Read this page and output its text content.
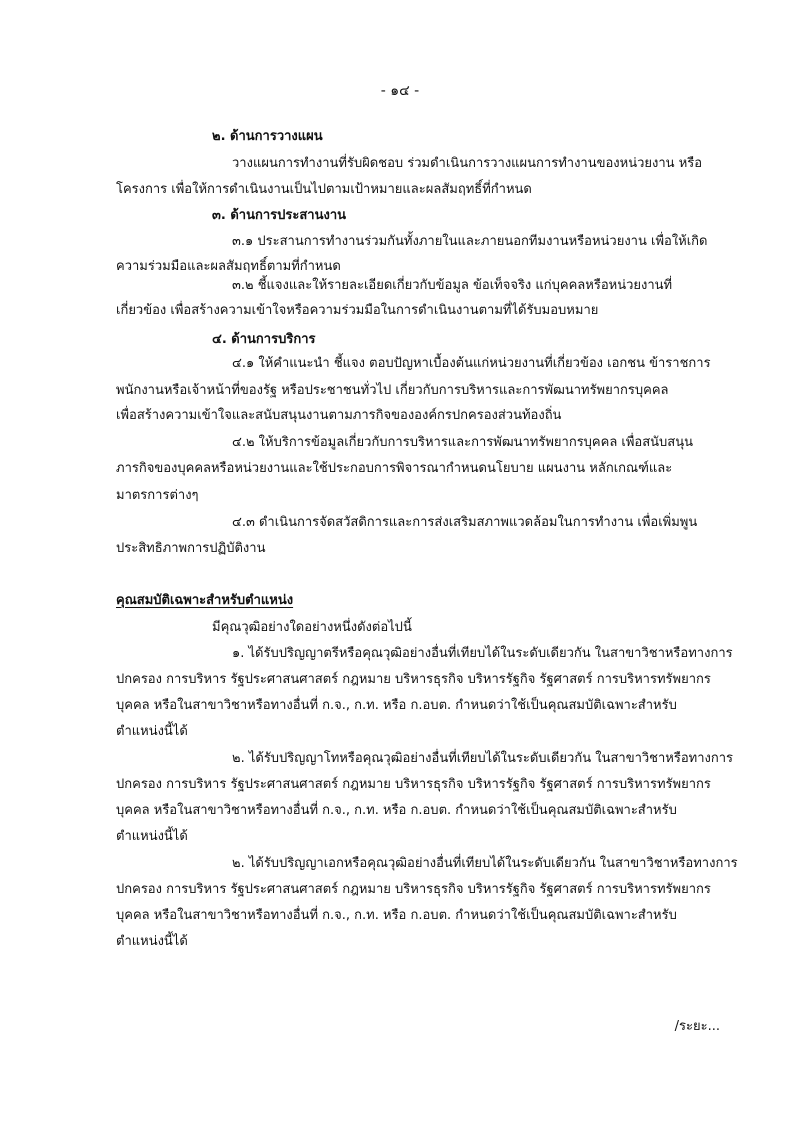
- ๑๔ -
๒. ด้านการวางแผน
วางแผนการทำงานที่รับผิดชอบ ร่วมดำเนินการวางแผนการทำงานของหน่วยงาน หรือ
โครงการ เพื่อให้การดำเนินงานเป็นไปตามเป้าหมายและผลสัมฤทธิ์ที่กำหนด
๓. ด้านการประสานงาน
๓.๑ ประสานการทำงานร่วมกันทั้งภายในและภายนอกทีมงานหรือหน่วยงาน เพื่อให้เกิด
ความร่วมมือและผลสัมฤทธิ์ตามที่กำหนด
๓.๒ ชี้แจงและให้รายละเอียดเกี่ยวกับข้อมูล ข้อเท็จจริง แก่บุคคลหรือหน่วยงานที่
เกี่ยวข้อง เพื่อสร้างความเข้าใจหรือความร่วมมือในการดำเนินงานตามที่ได้รับมอบหมาย
๔. ด้านการบริการ
๔.๑ ให้คำแนะนำ ชี้แจง ตอบปัญหาเบื้องต้นแก่หน่วยงานที่เกี่ยวข้อง เอกชน ข้าราชการ
พนักงานหรือเจ้าหน้าที่ของรัฐ หรือประชาชนทั่วไป เกี่ยวกับการบริหารและการพัฒนาทรัพยากรบุคคล
เพื่อสร้างความเข้าใจและสนับสนุนงานตามภารกิจขององค์กรปกครองส่วนท้องถิ่น
๔.๒ ให้บริการข้อมูลเกี่ยวกับการบริหารและการพัฒนาทรัพยากรบุคคล เพื่อสนับสนุน
ภารกิจของบุคคลหรือหน่วยงานและใช้ประกอบการพิจารณากำหนดนโยบาย แผนงาน หลักเกณฑ์และ
มาตรการต่างๆ
๔.๓ ดำเนินการจัดสวัสดิการและการส่งเสริมสภาพแวดล้อมในการทำงาน เพื่อเพิ่มพูน
ประสิทธิภาพการปฏิบัติงาน
คุณสมบัติเฉพาะสำหรับตำแหน่ง
มีคุณวุฒิอย่างใดอย่างหนึ่งดังต่อไปนี้
๑. ได้รับปริญญาตรีหรือคุณวุฒิอย่างอื่นที่เทียบได้ในระดับเดียวกัน ในสาขาวิชาหรือทางการ
ปกครอง การบริหาร รัฐประศาสนศาสตร์ กฎหมาย บริหารธุรกิจ บริหารรัฐกิจ รัฐศาสตร์ การบริหารทรัพยากร
บุคคล หรือในสาขาวิชาหรือทางอื่นที่ ก.จ., ก.ท. หรือ ก.อบต. กำหนดว่าใช้เป็นคุณสมบัติเฉพาะสำหรับ
ตำแหน่งนี้ได้
๒. ได้รับปริญญาโทหรือคุณวุฒิอย่างอื่นที่เทียบได้ในระดับเดียวกัน ในสาขาวิชาหรือทางการ
ปกครอง การบริหาร รัฐประศาสนศาสตร์ กฎหมาย บริหารธุรกิจ บริหารรัฐกิจ รัฐศาสตร์ การบริหารทรัพยากร
บุคคล หรือในสาขาวิชาหรือทางอื่นที่ ก.จ., ก.ท. หรือ ก.อบต. กำหนดว่าใช้เป็นคุณสมบัติเฉพาะสำหรับ
ตำแหน่งนี้ได้
๒. ได้รับปริญญาเอกหรือคุณวุฒิอย่างอื่นที่เทียบได้ในระดับเดียวกัน ในสาขาวิชาหรือทางการ
ปกครอง การบริหาร รัฐประศาสนศาสตร์ กฎหมาย บริหารธุรกิจ บริหารรัฐกิจ รัฐศาสตร์ การบริหารทรัพยากร
บุคคล หรือในสาขาวิชาหรือทางอื่นที่ ก.จ., ก.ท. หรือ ก.อบต. กำหนดว่าใช้เป็นคุณสมบัติเฉพาะสำหรับ
ตำแหน่งนี้ได้
/ระยะ...
